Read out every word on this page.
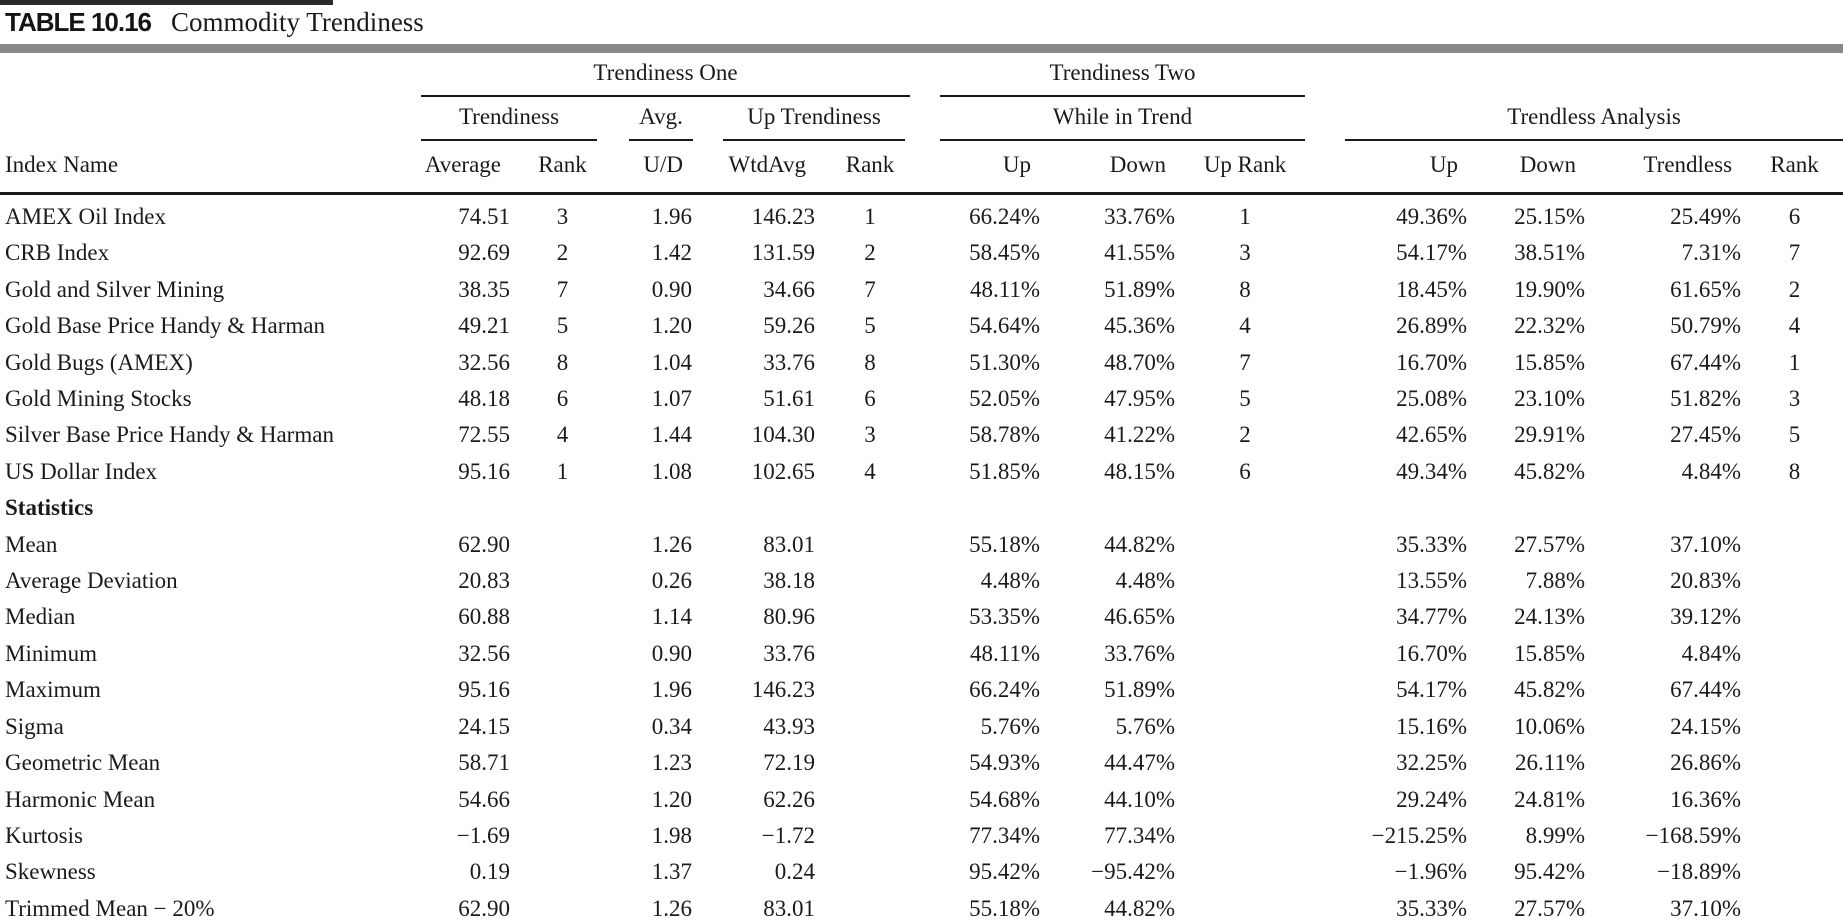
TABLE 10.16 Commodity Trendiness

	Trendiness One					Trendiness Two						

	Trendiness		Avg.	Up Trendiness		While in Trend			Trendless Analysis			

Index Name	Average	Rank	U/D	WtdAvg	Rank	Up	Down	Up Rank	Up	Down	Trendless	Rank
AMEX Oil Index	74.51	3	1.96	146.23	1	66.24%	33.76%	1	49.36%	25.15%	25.49%	6
CRB Index	92.69	2	1.42	131.59	2	58.45%	41.55%	3	54.17%	38.51%	7.31%	7
Gold and Silver Mining	38.35	7	0.90	34.66	7	48.11%	51.89%	8	18.45%	19.90%	61.65%	2
Gold Base Price Handy & Harman	49.21	5	1.20	59.26	5	54.64%	45.36%	4	26.89%	22.32%	50.79%	4
Gold Bugs (AMEX)	32.56	8	1.04	33.76	8	51.30%	48.70%	7	16.70%	15.85%	67.44%	1
Gold Mining Stocks	48.18	6	1.07	51.61	6	52.05%	47.95%	5	25.08%	23.10%	51.82%	3
Silver Base Price Handy & Harman	72.55	4	1.44	104.30	3	58.78%	41.22%	2	42.65%	29.91%	27.45%	5
US Dollar Index	95.16	1	1.08	102.65	4	51.85%	48.15%	6	49.34%	45.82%	4.84%	8
Statistics												
Mean	62.90		1.26	83.01		55.18%	44.82%		35.33%	27.57%	37.10%	
Average Deviation	20.83		0.26	38.18		4.48%	4.48%		13.55%	7.88%	20.83%	
Median	60.88		1.14	80.96		53.35%	46.65%		34.77%	24.13%	39.12%	
Minimum	32.56		0.90	33.76		48.11%	33.76%		16.70%	15.85%	4.84%	
Maximum	95.16		1.96	146.23		66.24%	51.89%		54.17%	45.82%	67.44%	
Sigma	24.15		0.34	43.93		5.76%	5.76%		15.16%	10.06%	24.15%	
Geometric Mean	58.71		1.23	72.19		54.93%	44.47%		32.25%	26.11%	26.86%	
Harmonic Mean	54.66		1.20	62.26		54.68%	44.10%		29.24%	24.81%	16.36%	
Kurtosis	−1.69		1.98	−1.72		77.34%	77.34%		−215.25%	8.99%	−168.59%	
Skewness	0.19		1.37	0.24		95.42%	−95.42%		−1.96%	95.42%	−18.89%	
Trimmed Mean − 20%	62.90		1.26	83.01		55.18%	44.82%		35.33%	27.57%	37.10%	
